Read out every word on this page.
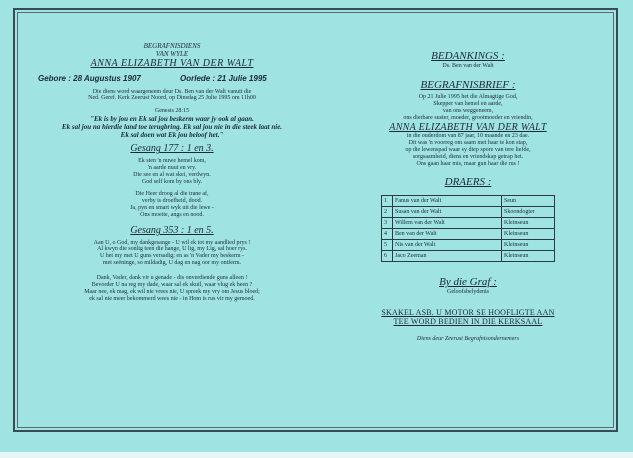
BEGRAFNISDIENS
VAN WYLE
ANNA ELIZABETH VAN DER WALT
Gebore : 28 Augustus 1907	Oorlede : 21 Julie 1995
Die diens word waargeneem deur Ds. Ben van der Walt vanuit die
Ned. Geref. Kerk Zeerust Noord, op Dinsdag 25 Julie 1995 om 11h00
Genesis 28:15
"Ek is by jou en Ek sal jou beskerm waar jy ook al gaan.
Ek sal jou na hierdie land toe terugbring. Ek sal jou nie in die steek laat nie.
Ek sal doen wat Ek jou beloof het."
Gesang 177 : 1 en 3.
Ek sien 'n nuwe hemel kom,
'n aarde nuut en vry.
Die see en al wat skei, verdwyn.
God self kom by ons bly.
Die Heer droog al die trane af,
verby is droefheid, dood.
Ja, pyn en smart wyk uit die lewe -
Ons moeite, angs en nood.
Gesang 353 : 1 en 5.
Aan U, o God, my dankgesange - U wil ek tot my aandlied prys !
Al kwyn die sonlig teen die hange, U lig, my Lig, sal hoer rys.
U het my met U guns versadig; en as 'n Vader my beskerm -
met seëninge, so mildadig, U dag en nag oor my ontferm.
Dank, Vader, dank vir u genade - dis onverdiende guns alleen !
Bevorder U na reg my dade, waar sal ek skuil, waar vlug ek heen ?
Maar nee, ek mag, ek wil nie vrees nie, U spreek my vry om Jesus bloed;
ek sal nie meer bekommerd wees nie - in Hom is rus vir my gemoed.
BEDANKINGS :
Ds. Ben van der Walt
BEGRAFNISBRIEF :
Op 21 Julie 1995 het die Almagtige God,
Skepper van hemel en aarde,
van ons weggeneem,
ons dierbare suster, moeder, grootmoeder en vriendin,
ANNA ELIZABETH VAN DER WALT
in die ouderdom van 87 jaar, 10 maande en 23 dae.
Dit was 'n voorreg om saam met haar te kon stap,
op die lewenspad waar sy diep spore van tere liefde,
sorgsaamheid, diens en vriendskap getrap het.
Ons gaan haar mis, maar gun haar die rus !
DRAERS :
1	Fanus van der Walt	Seun
2	Susan van der Walt	Skoondogter
3	Willem van der Walt	Kleinseun
4	Ben van der Walt	Kleinseun
5	Nis van der Walt	Kleinseun
6	Jaco Zeeman	Kleinseun
By die Graf :
Geloofsbelydenis
SKAKEL ASB. U MOTOR SE HOOFLIGTE AAN
TEE WORD BEDIEN IN DIE KERKSAAL
Diens deur Zeerust Begrafnisondernemers
